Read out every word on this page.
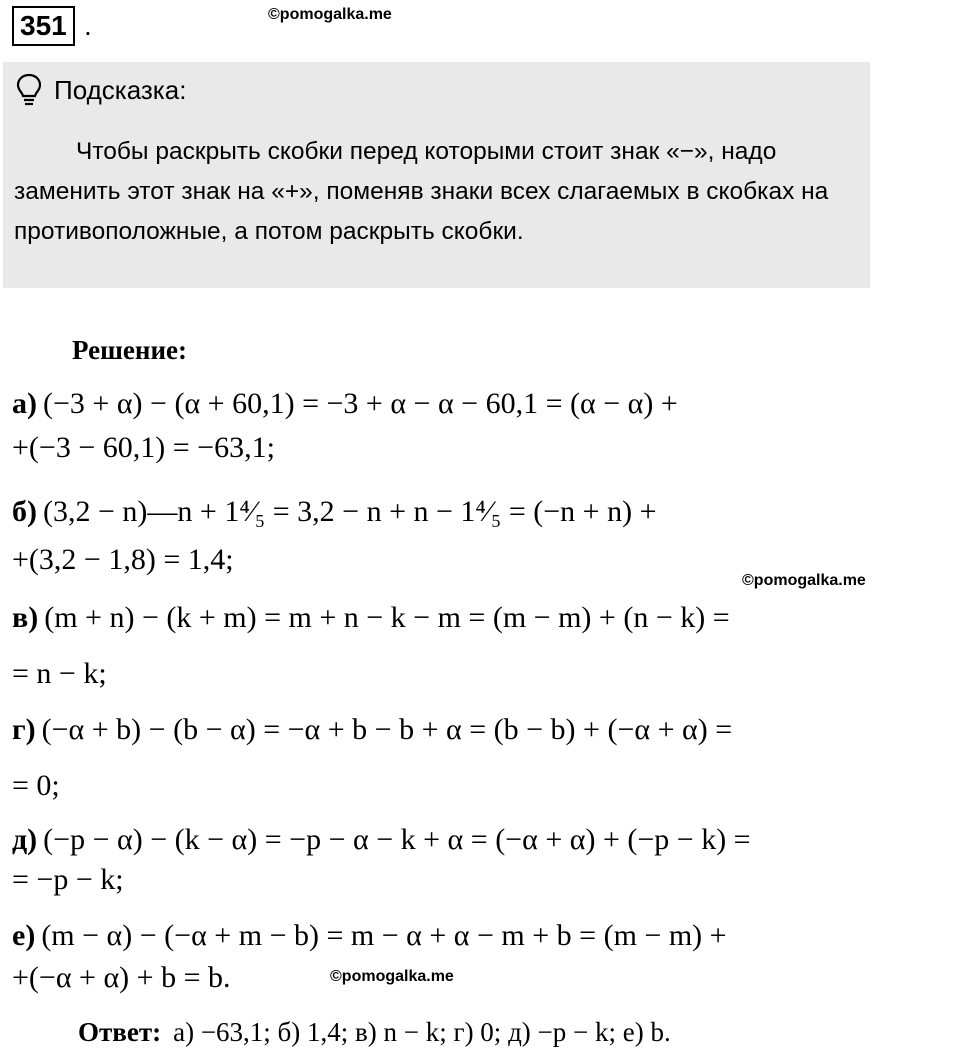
351 .	©pomogalka.me
Подсказка:

Чтобы раскрыть скобки перед которыми стоит знак «−», надо заменить этот знак на «+», поменяв знаки всех слагаемых в скобках на противоположные, а потом раскрыть скобки.

Решение:
а) (−3 + α) − (α + 60,1) = −3 + α − α − 60,1 = (α − α) +
+(−3 − 60,1) = −63,1;
б) (3,2 − n)—n + 1⁴⁄₅ = 3,2 − n + n − 1⁴⁄₅ = (−n + n) +
+(3,2 − 1,8) = 1,4;
©pomogalka.me
в) (m + n) − (k + m) = m + n − k − m = (m − m) + (n − k) =
= n − k;
г) (−α + b) − (b − α) = −α + b − b + α = (b − b) + (−α + α) =
= 0;
д) (−p − α) − (k − α) = −p − α − k + α = (−α + α) + (−p − k) =
= −p − k;
е) (m − α) − (−α + m − b) = m − α + α − m + b = (m − m) +
+(−α + α) + b = b.	©pomogalka.me
Ответ: а) −63,1; б) 1,4; в) n − k; г) 0; д) −p − k; е) b.
